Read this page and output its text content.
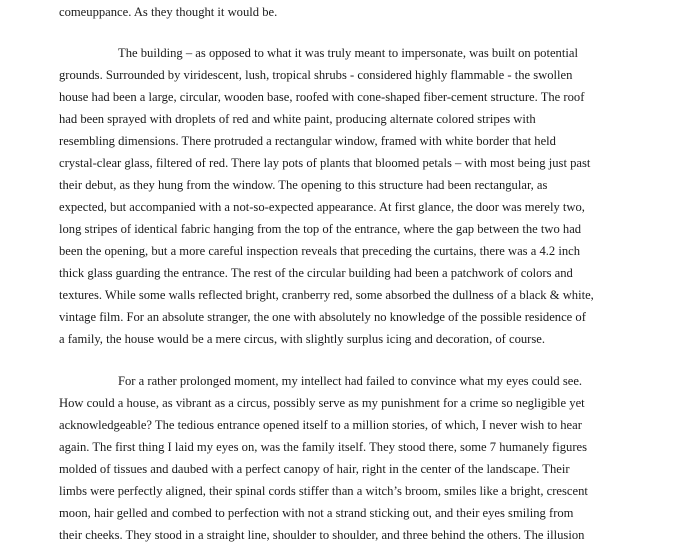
comeuppance. As they thought it would be.
The building – as opposed to what it was truly meant to impersonate, was built on potential
grounds. Surrounded by viridescent, lush, tropical shrubs - considered highly flammable - the swollen
house had been a large, circular, wooden base, roofed with cone-shaped fiber-cement structure. The roof
had been sprayed with droplets of red and white paint, producing alternate colored stripes with
resembling dimensions. There protruded a rectangular window, framed with white border that held
crystal-clear glass, filtered of red. There lay pots of plants that bloomed petals – with most being just past
their debut, as they hung from the window. The opening to this structure had been rectangular, as
expected, but accompanied with a not-so-expected appearance. At first glance, the door was merely two,
long stripes of identical fabric hanging from the top of the entrance, where the gap between the two had
been the opening, but a more careful inspection reveals that preceding the curtains, there was a 4.2 inch
thick glass guarding the entrance. The rest of the circular building had been a patchwork of colors and
textures. While some walls reflected bright, cranberry red, some absorbed the dullness of a black & white,
vintage film. For an absolute stranger, the one with absolutely no knowledge of the possible residence of
a family, the house would be a mere circus, with slightly surplus icing and decoration, of course.
For a rather prolonged moment, my intellect had failed to convince what my eyes could see.
How could a house, as vibrant as a circus, possibly serve as my punishment for a crime so negligible yet
acknowledgeable? The tedious entrance opened itself to a million stories, of which, I never wish to hear
again. The first thing I laid my eyes on, was the family itself. They stood there, some 7 humanely figures
molded of tissues and daubed with a perfect canopy of hair, right in the center of the landscape. Their
limbs were perfectly aligned, their spinal cords stiffer than a witch’s broom, smiles like a bright, crescent
moon, hair gelled and combed to perfection with not a strand sticking out, and their eyes smiling from
their cheeks. They stood in a straight line, shoulder to shoulder, and three behind the others. The illusion
